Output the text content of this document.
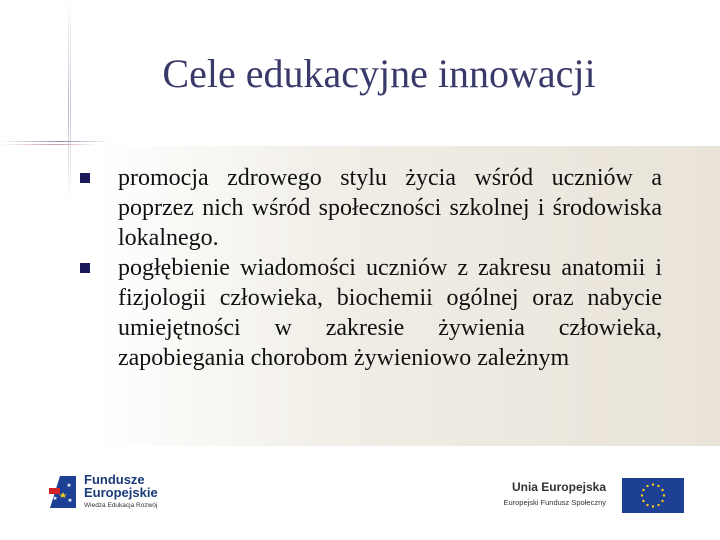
Cele edukacyjne innowacji
promocja zdrowego stylu życia wśród uczniów a poprzez nich wśród społeczności szkolnej i środowiska lokalnego.
pogłębienie wiadomości uczniów z zakresu anatomii i fizjologii człowieka, biochemii ogólnej oraz nabycie umiejętności w zakresie żywienia człowieka, zapobiegania chorobom żywieniowo zależnym
Fundusze
Europejskie
Wiedza Edukacja Rozwój
Unia Europejska
Europejski Fundusz Społeczny
